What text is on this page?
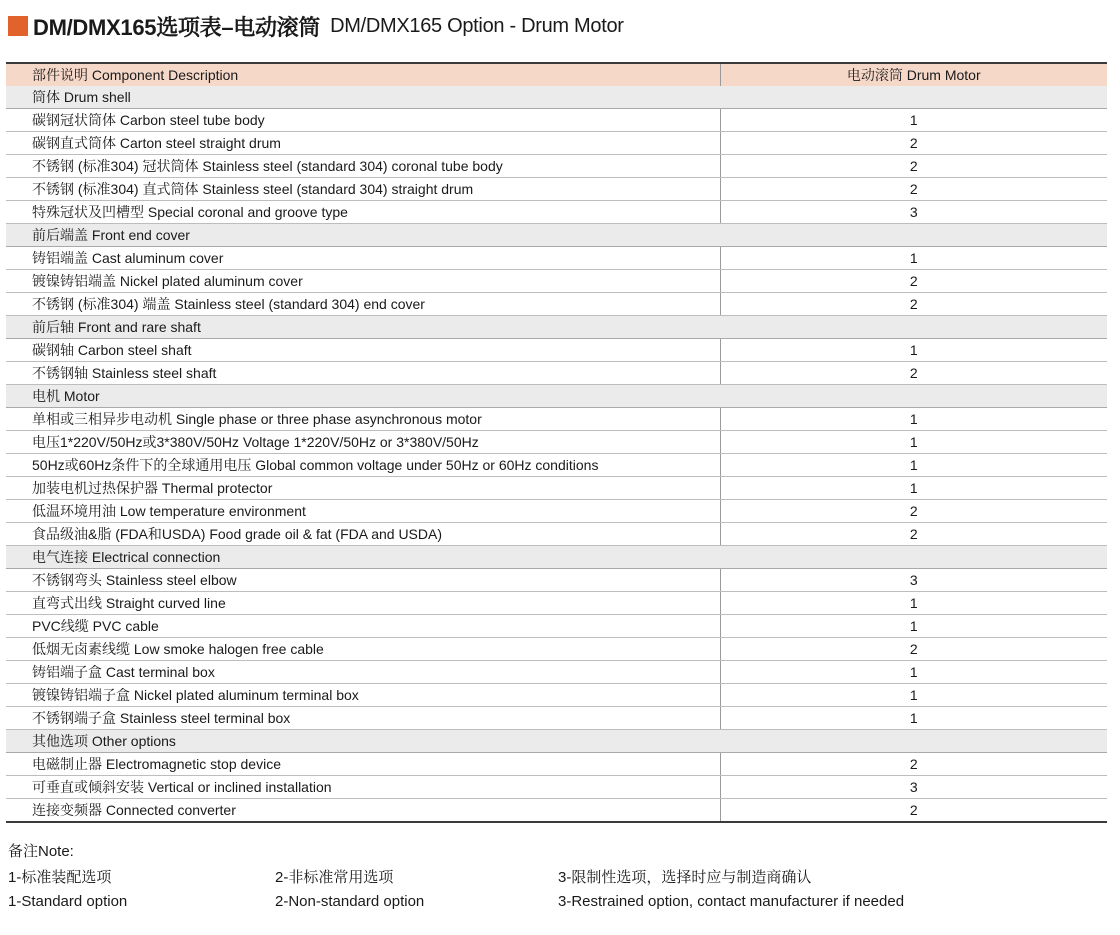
DM/DMX165选项表–电动滚筒 DM/DMX165 Option - Drum Motor
部件说明 Component Description	电动滚筒 Drum Motor
筒体 Drum shell	
碳钢冠状筒体 Carbon steel tube body	1
碳钢直式筒体 Carton steel straight drum	2
不锈钢 (标准304) 冠状筒体 Stainless steel (standard 304) coronal tube body	2
不锈钢 (标准304) 直式筒体 Stainless steel (standard 304) straight drum	2
特殊冠状及凹槽型 Special coronal and groove type	3
前后端盖 Front end cover	
铸铝端盖 Cast aluminum cover	1
镀镍铸铝端盖 Nickel plated aluminum cover	2
不锈钢 (标准304) 端盖 Stainless steel (standard 304) end cover	2
前后轴 Front and rare shaft	
碳钢轴 Carbon steel shaft	1
不锈钢轴 Stainless steel shaft	2
电机 Motor	
单相或三相异步电动机 Single phase or three phase asynchronous motor	1
电压1*220V/50Hz或3*380V/50Hz Voltage 1*220V/50Hz or 3*380V/50Hz	1
50Hz或60Hz条件下的全球通用电压 Global common voltage under 50Hz or 60Hz conditions	1
加装电机过热保护器 Thermal protector	1
低温环境用油 Low temperature environment	2
食品级油&脂 (FDA和USDA) Food grade oil & fat (FDA and USDA)	2
电气连接 Electrical connection	
不锈钢弯头 Stainless steel elbow	3
直弯式出线 Straight curved line	1
PVC线缆 PVC cable	1
低烟无卤素线缆 Low smoke halogen free cable	2
铸铝端子盒 Cast terminal box	1
镀镍铸铝端子盒 Nickel plated aluminum terminal box	1
不锈钢端子盒 Stainless steel terminal box	1
其他选项 Other options	
电磁制止器 Electromagnetic stop device	2
可垂直或倾斜安装 Vertical or inclined installation	3
连接变频器 Connected converter	2
备注Note:
1-标准装配选项
1-Standard option
2-非标准常用选项
2-Non-standard option
3-限制性选项，选择时应与制造商确认
3-Restrained option, contact manufacturer if needed
